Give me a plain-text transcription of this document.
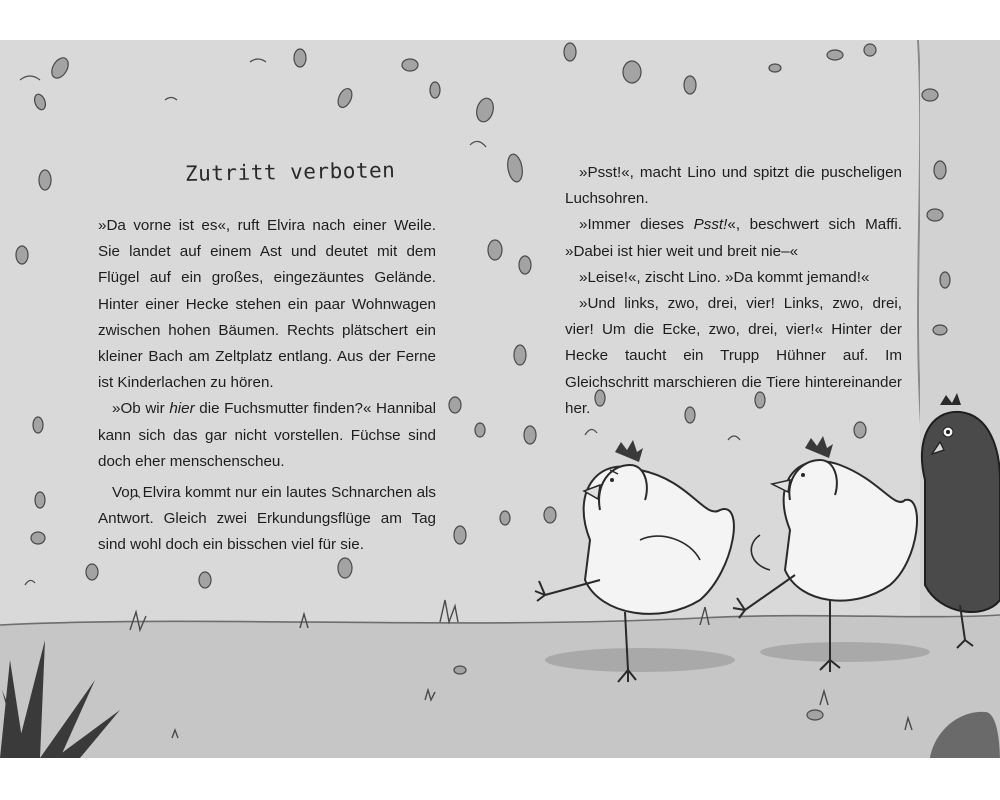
Zutritt verboten

»Da vorne ist es«, ruft Elvira nach einer Weile. Sie landet auf einem Ast und deutet mit dem Flügel auf ein großes, eingezäuntes Gelände. Hinter einer Hecke stehen ein paar Wohnwagen zwischen hohen Bäumen. Rechts plätschert ein kleiner Bach am Zeltplatz entlang. Aus der Ferne ist Kinderlachen zu hören.

»Ob wir hier die Fuchsmutter finden?« Hannibal kann sich das gar nicht vorstellen. Füchse sind doch eher menschenscheu.

Von Elvira kommt nur ein lautes Schnarchen als Antwort. Gleich zwei Erkundungsflüge am Tag sind wohl doch ein bisschen viel für sie.

»Psst!«, macht Lino und spitzt die puscheligen Luchsohren.

»Immer dieses Psst!«, beschwert sich Maffi. »Dabei ist hier weit und breit nie–«

»Leise!«, zischt Lino. »Da kommt jemand!«

»Und links, zwo, drei, vier! Links, zwo, drei, vier! Um die Ecke, zwo, drei, vier!« Hinter der Hecke taucht ein Trupp Hühner auf. Im Gleichschritt marschieren die Tiere hintereinander her.
